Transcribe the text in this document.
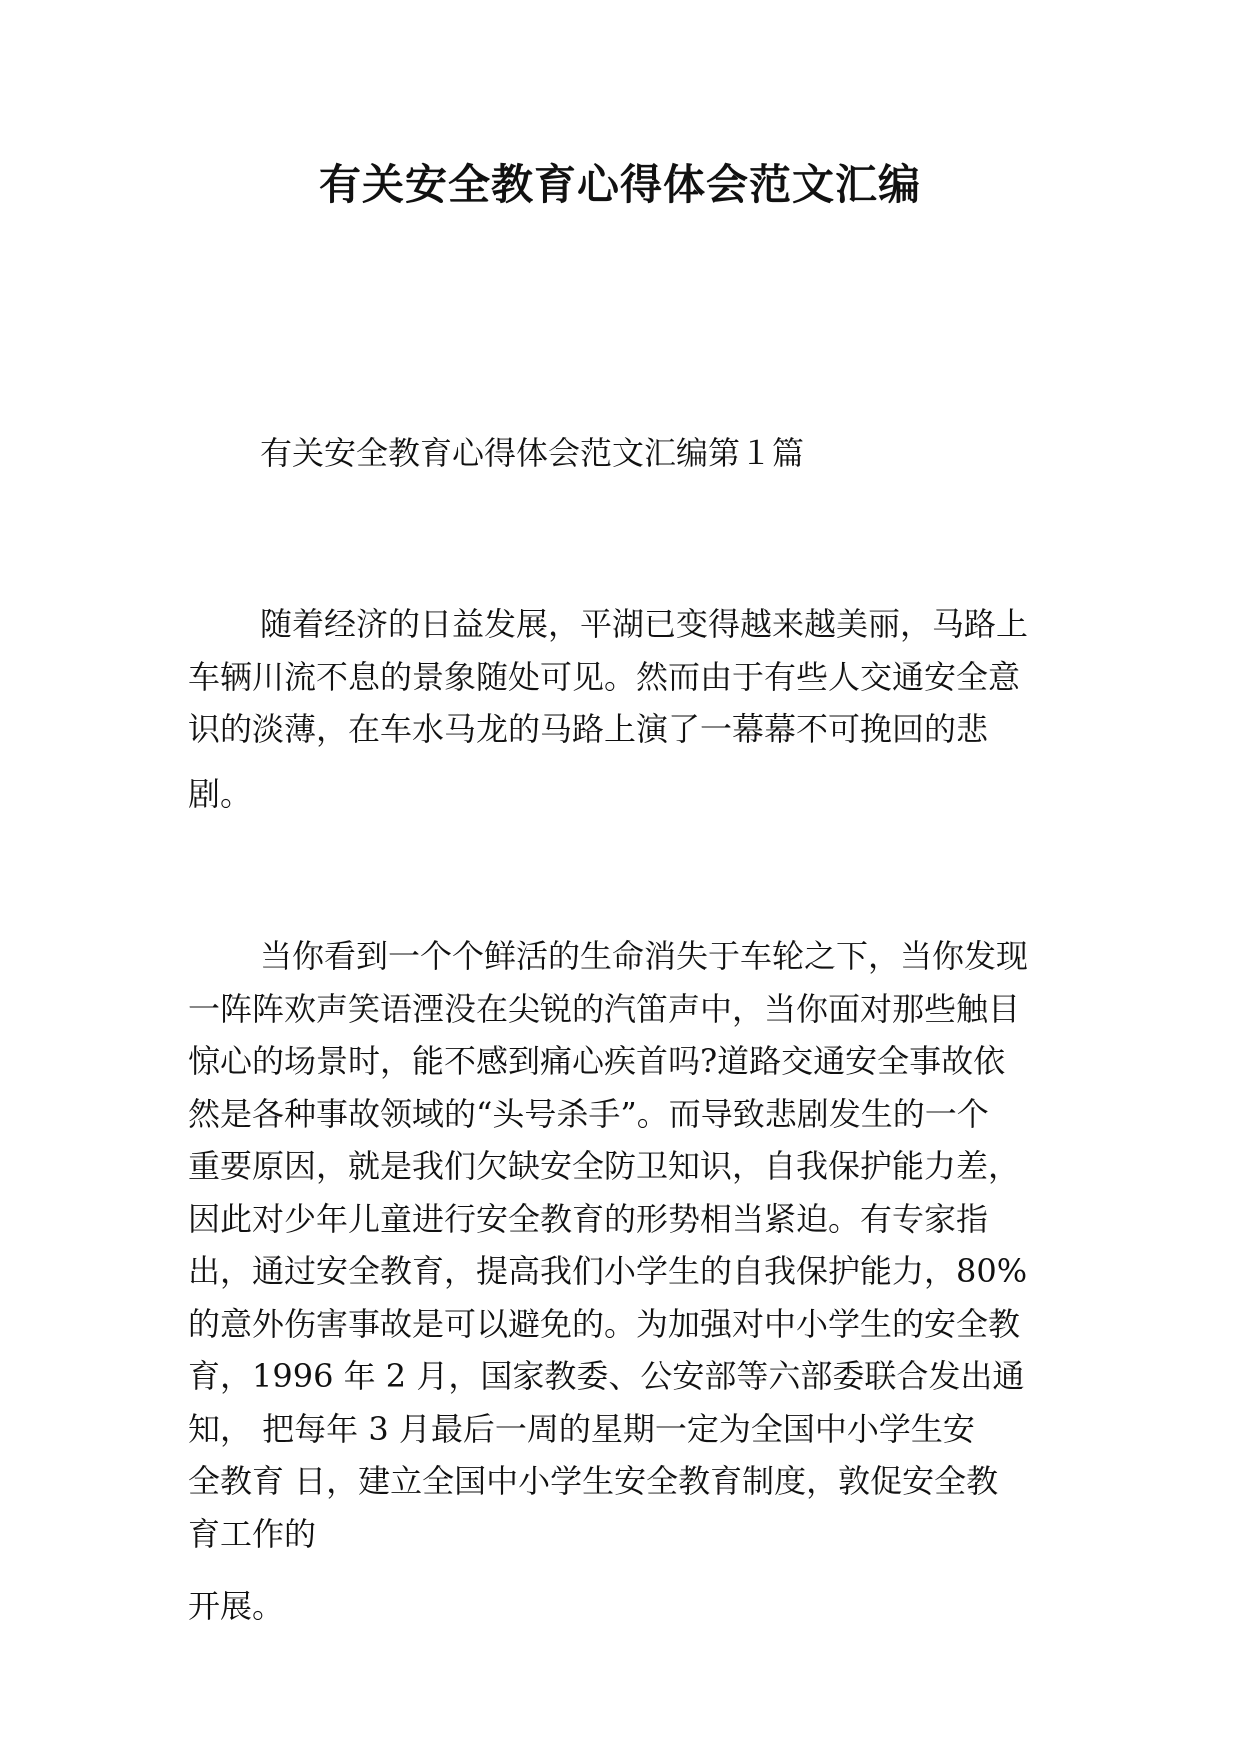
有关安全教育心得体会范文汇编

有关安全教育心得体会范文汇编第１篇

随着经济的日益发展，平湖已变得越来越美丽，马路上
车辆川流不息的景象随处可见。然而由于有些人交通安全意
识的淡薄，在车水马龙的马路上演了一幕幕不可挽回的悲
剧。
当你看到一个个鲜活的生命消失于车轮之下，当你发现
一阵阵欢声笑语湮没在尖锐的汽笛声中，当你面对那些触目
惊心的场景时，能不感到痛心疾首吗?道路交通安全事故依
然是各种事故领域的“头号杀手”。而导致悲剧发生的一个
重要原因，就是我们欠缺安全防卫知识，自我保护能力差，
因此对少年儿童进行安全教育的形势相当紧迫。有专家指
出，通过安全教育，提高我们小学生的自我保护能力，80%
的意外伤害事故是可以避免的。为加强对中小学生的安全教
育，1996 年 2 月，国家教委、公安部等六部委联合发出通
知， 把每年 3 月最后一周的星期一定为全国中小学生安
全教育 日，建立全国中小学生安全教育制度，敦促安全教
育工作的
开展。
